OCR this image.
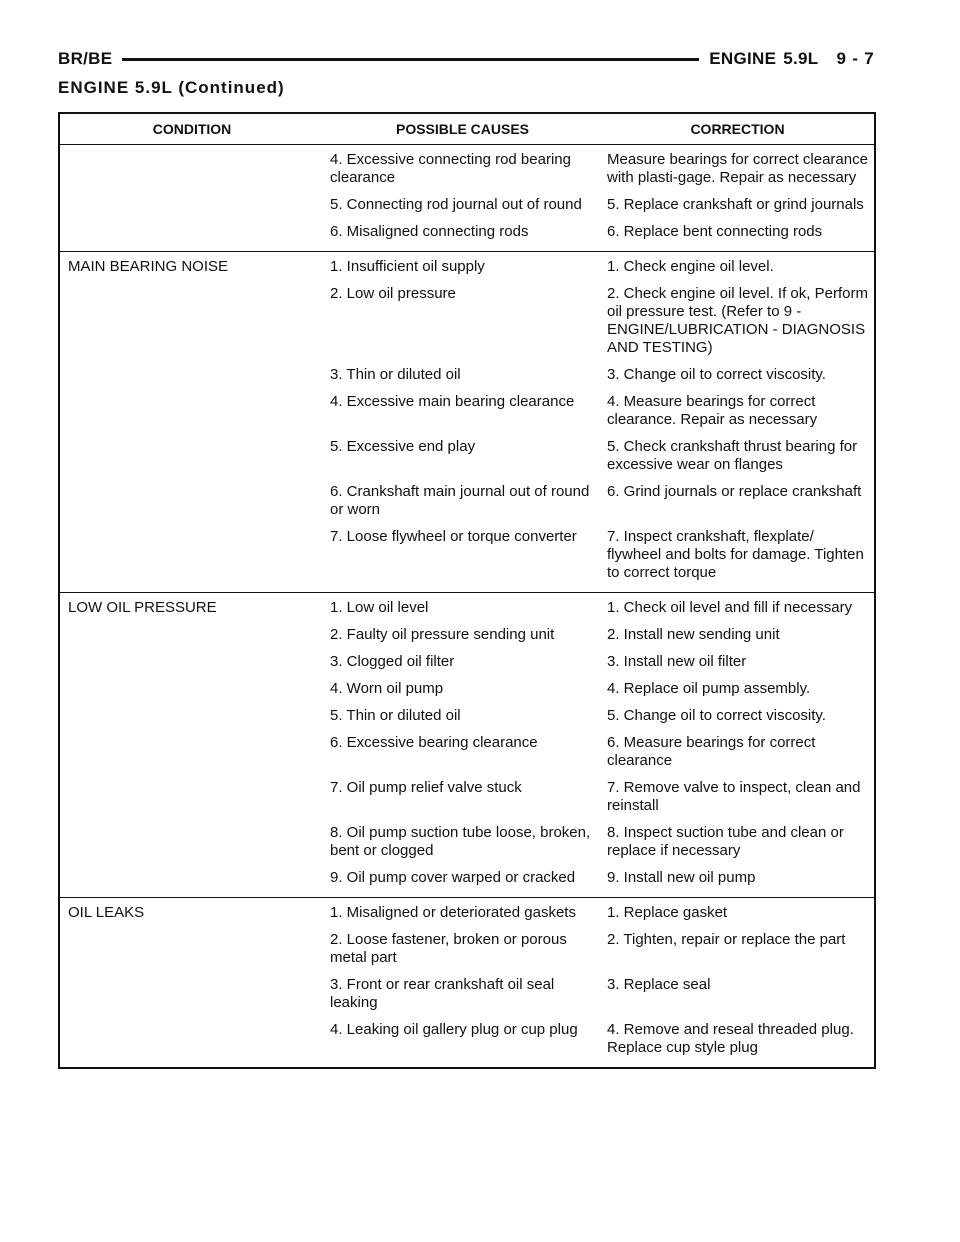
BR/BE	ENGINE 5.9L 9 - 7
ENGINE 5.9L (Continued)
CONDITION	POSSIBLE CAUSES	CORRECTION
	4. Excessive connecting rod bearing clearance	Measure bearings for correct clearance with plasti-gage. Repair as necessary
	5. Connecting rod journal out of round	5. Replace crankshaft or grind journals
	6. Misaligned connecting rods	6. Replace bent connecting rods
MAIN BEARING NOISE	1. Insufficient oil supply	1. Check engine oil level.
	2. Low oil pressure	2. Check engine oil level. If ok, Perform oil pressure test. (Refer to 9 - ENGINE/LUBRICATION - DIAGNOSIS AND TESTING)
	3. Thin or diluted oil	3. Change oil to correct viscosity.
	4. Excessive main bearing clearance	4. Measure bearings for correct clearance. Repair as necessary
	5. Excessive end play	5. Check crankshaft thrust bearing for excessive wear on flanges
	6. Crankshaft main journal out of round or worn	6. Grind journals or replace crankshaft
	7. Loose flywheel or torque converter	7. Inspect crankshaft, flexplate/ flywheel and bolts for damage. Tighten to correct torque
LOW OIL PRESSURE	1. Low oil level	1. Check oil level and fill if necessary
	2. Faulty oil pressure sending unit	2. Install new sending unit
	3. Clogged oil filter	3. Install new oil filter
	4. Worn oil pump	4. Replace oil pump assembly.
	5. Thin or diluted oil	5. Change oil to correct viscosity.
	6. Excessive bearing clearance	6. Measure bearings for correct clearance
	7. Oil pump relief valve stuck	7. Remove valve to inspect, clean and reinstall
	8. Oil pump suction tube loose, broken, bent or clogged	8. Inspect suction tube and clean or replace if necessary
	9. Oil pump cover warped or cracked	9. Install new oil pump
OIL LEAKS	1. Misaligned or deteriorated gaskets	1. Replace gasket
	2. Loose fastener, broken or porous metal part	2. Tighten, repair or replace the part
	3. Front or rear crankshaft oil seal leaking	3. Replace seal
	4. Leaking oil gallery plug or cup plug	4. Remove and reseal threaded plug. Replace cup style plug
